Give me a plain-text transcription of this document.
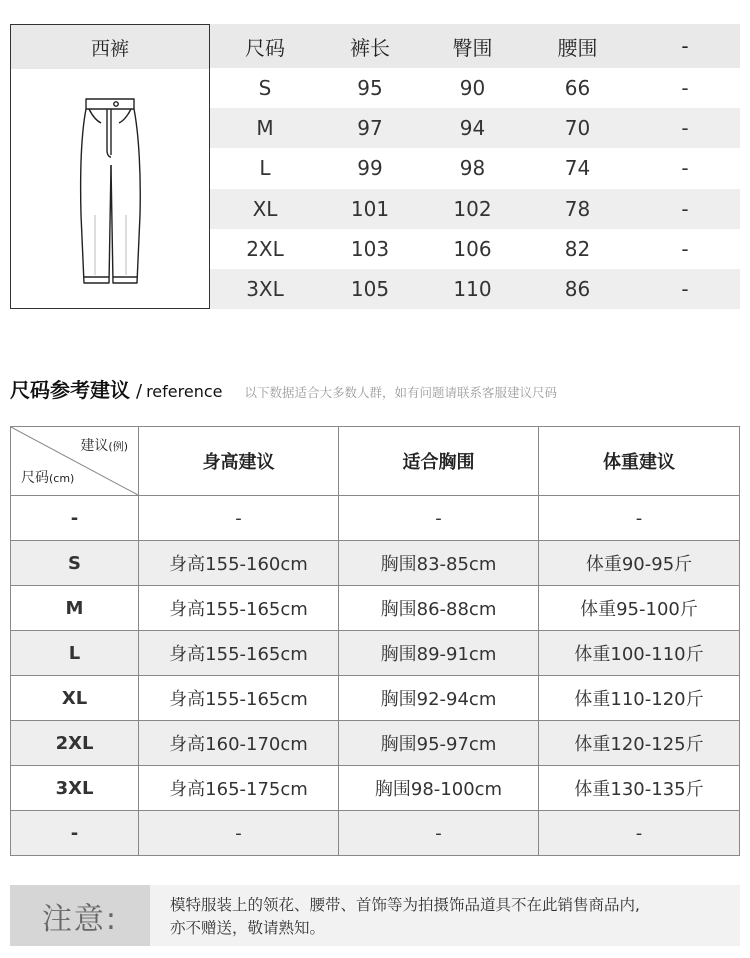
西裤	尺码	裤长	臀围	腰围	-
S	95	90	66	-
M	97	94	70	-
L	99	98	74	-
XL	101	102	78	-
2XL	103	106	82	-
3XL	105	110	86	-
尺码参考建议 / reference 以下数据适合大多数人群，如有问题请联系客服建议尺码
建议(例)
尺码(cm)	身高建议	适合胸围	体重建议
-	-	-	-
S	身高155-160cm	胸围83-85cm	体重90-95斤
M	身高155-165cm	胸围86-88cm	体重95-100斤
L	身高155-165cm	胸围89-91cm	体重100-110斤
XL	身高155-165cm	胸围92-94cm	体重110-120斤
2XL	身高160-170cm	胸围95-97cm	体重120-125斤
3XL	身高165-175cm	胸围98-100cm	体重130-135斤
-	-	-	-
注意:	模特服装上的领花、腰带、首饰等为拍摄饰品道具不在此销售商品内,
亦不赠送，敬请熟知。
